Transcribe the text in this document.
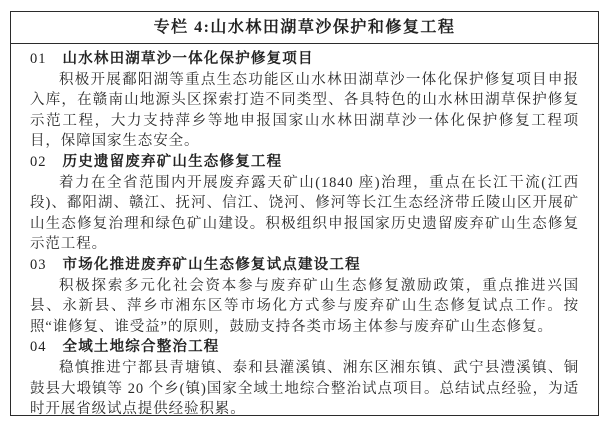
专栏 4:山水林田湖草沙保护和修复工程
01 山水林田湖草沙一体化保护修复项目

积极开展鄱阳湖等重点生态功能区山水林田湖草沙一体化保护修复项目申报入库，在赣南山地源头区探索打造不同类型、各具特色的山水林田湖草保护修复示范工程，大力支持萍乡等地申报国家山水林田湖草沙一体化保护修复工程项目，保障国家生态安全。

02 历史遗留废弃矿山生态修复工程

着力在全省范围内开展废弃露天矿山(1840 座)治理，重点在长江干流(江西段)、鄱阳湖、赣江、抚河、信江、饶河、修河等长江生态经济带丘陵山区开展矿山生态修复治理和绿色矿山建设。积极组织申报国家历史遗留废弃矿山生态修复示范工程。

03 市场化推进废弃矿山生态修复试点建设工程

积极探索多元化社会资本参与废弃矿山生态修复激励政策，重点推进兴国县、永新县、萍乡市湘东区等市场化方式参与废弃矿山生态修复试点工作。按照“谁修复、谁受益”的原则，鼓励支持各类市场主体参与废弃矿山生态修复。

04 全域土地综合整治工程

稳慎推进宁都县青塘镇、泰和县灌溪镇、湘东区湘东镇、武宁县澧溪镇、铜鼓县大塅镇等 20 个乡(镇)国家全域土地综合整治试点项目。总结试点经验，为适时开展省级试点提供经验积累。
